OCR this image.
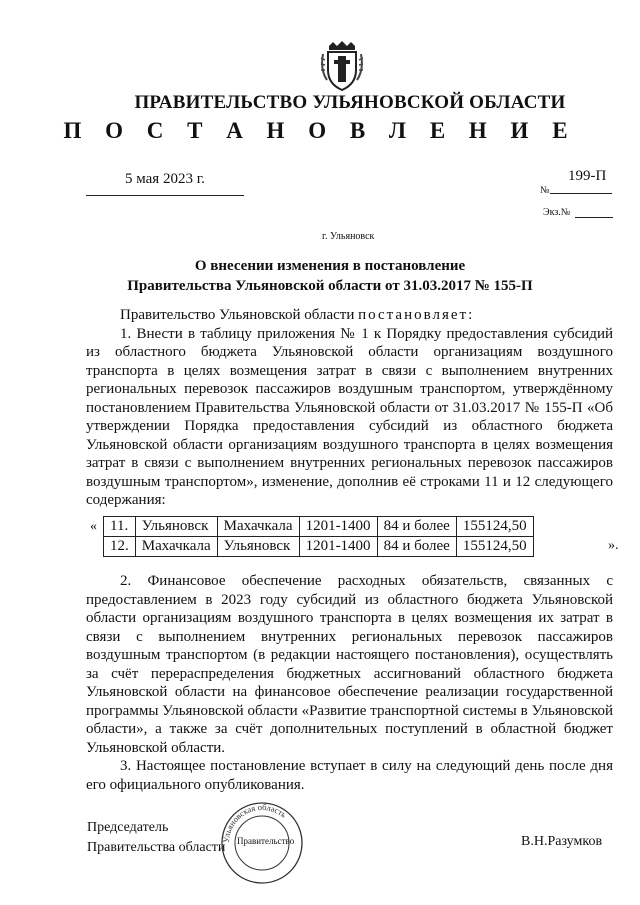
ПРАВИТЕЛЬСТВО УЛЬЯНОВСКОЙ ОБЛАСТИ
П О С Т А Н О В Л Е Н И Е
5 мая 2023 г.	199-П
№
Экз.№
г. Ульяновск
О внесении изменения в постановление
Правительства Ульяновской области от 31.03.2017 № 155-П

Правительство Ульяновской области постановляет:

1. Внести в таблицу приложения № 1 к Порядку предоставления субсидий из областного бюджета Ульяновской области организациям воздушного транспорта в целях возмещения затрат в связи с выполнением внутренних региональных перевозок пассажиров воздушным транспортом, утверждённому постановлением Правительства Ульяновской области от 31.03.2017 № 155-П «Об утверждении Порядка предоставления субсидий из областного бюджета Ульяновской области организациям воздушного транспорта в целях возмещения затрат в связи с выполнением внутренних региональных перевозок пассажиров воздушным транспортом», изменение, дополнив её строками 11 и 12 следующего содержания:

« 11.	Ульяновск	Махачкала	1201-1400	84 и более	155124,50
12.	Махачкала	Ульяновск	1201-1400	84 и более	155124,50	».

2. Финансовое обеспечение расходных обязательств, связанных с предоставлением в 2023 году субсидий из областного бюджета Ульяновской области организациям воздушного транспорта в целях возмещения их затрат в связи с выполнением внутренних региональных перевозок пассажиров воздушным транспортом (в редакции настоящего постановления), осуществлять за счёт перераспределения бюджетных ассигнований областного бюджета Ульяновской области на финансовое обеспечение реализации государственной программы Ульяновской области «Развитие транспортной системы в Ульяновской области», а также за счёт дополнительных поступлений в областной бюджет Ульяновской области.

3. Настоящее постановление вступает в силу на следующий день после дня его официального опубликования.

Председатель
Правительства области
Ульяновская область
Правительство	В.Н.Разумков
